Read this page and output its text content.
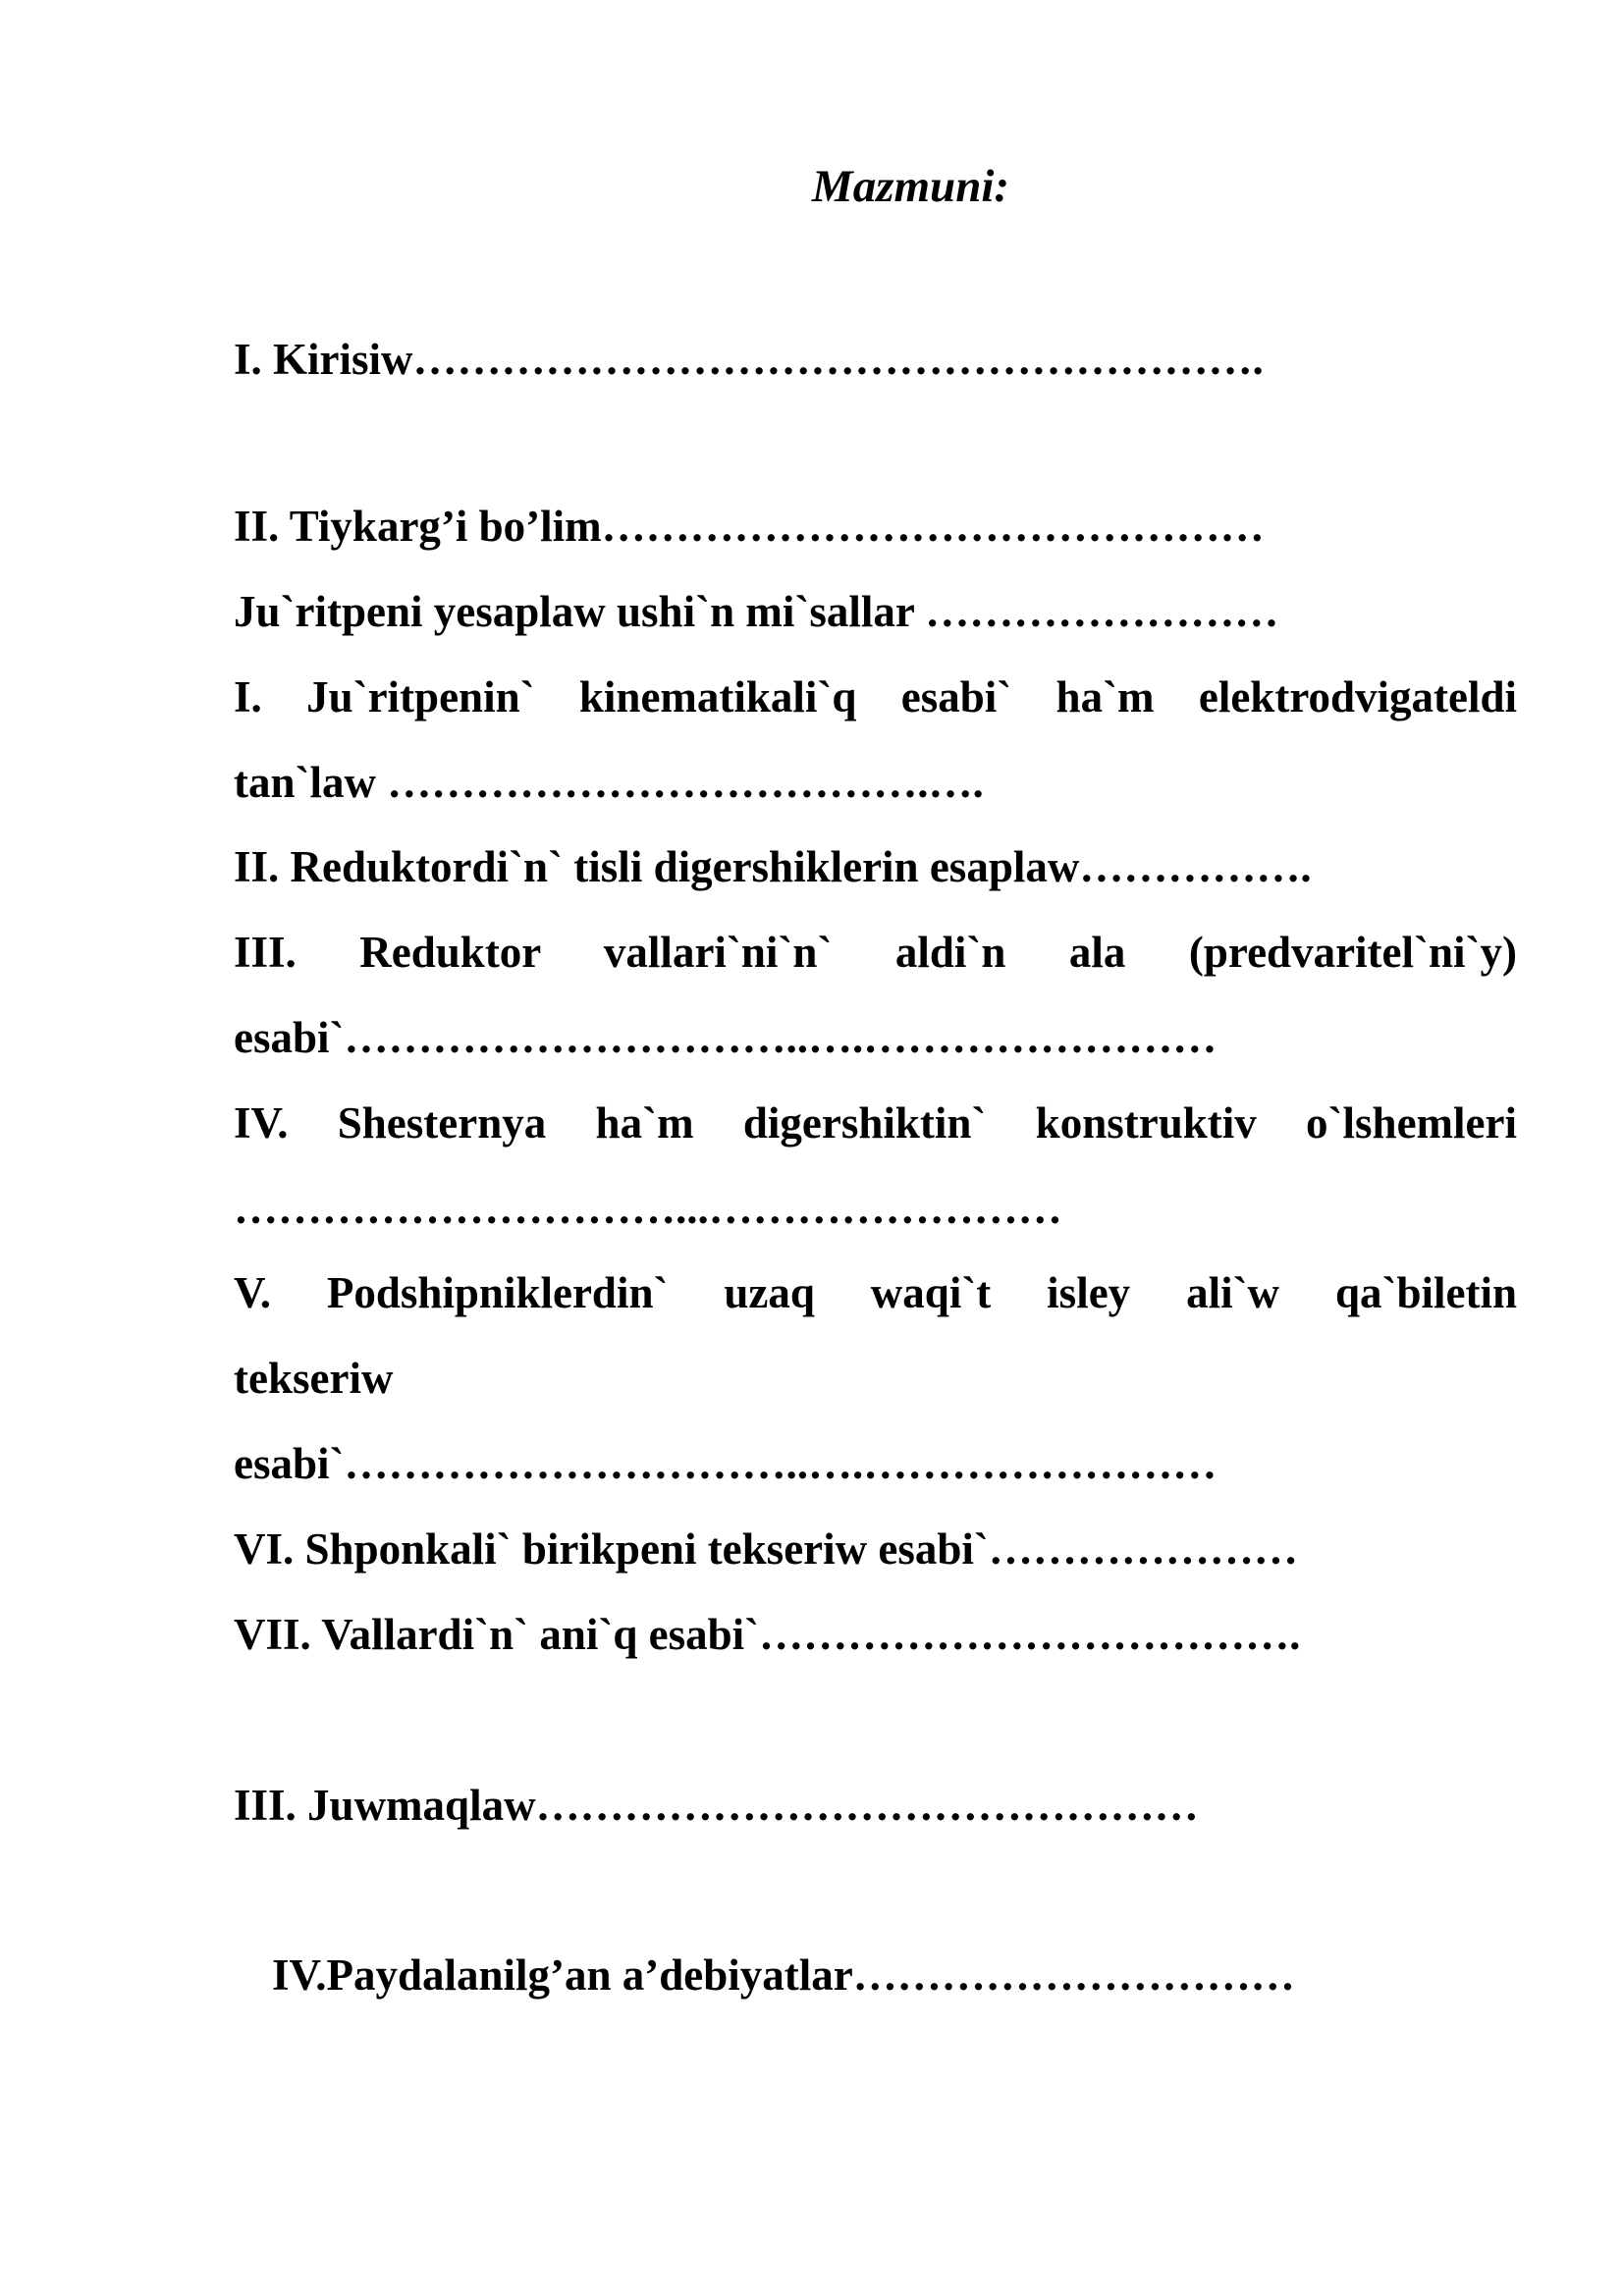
Mazmuni:
I. Kirisiw………………………………………………….
II. Tiykarg’i bo’lim………………………………………
Ju`ritpeni yesaplaw ushi`n mi`sallar ……………………
I. Ju`ritpenin` kinematikali`q esabi` ha`m elektrodvigateldi
tan`law ……………………………….….
II. Reduktordi`n` tisli digershiklerin esaplaw…………….
III. Reduktor vallari`ni`n` aldi`n ala (predvaritel`ni`y)
esabi`…………………………..….……………………
IV. Shesternya ha`m digershiktin` konstruktiv o`lshemleri
…………………………...……………………
V. Podshipniklerdin` uzaq waqi`t isley ali`w qa`biletin
tekseriw
esabi`…………………………..….……………………
VI. Shponkali` birikpeni tekseriw esabi`…………………
VII. Vallardi`n` ani`q esabi`……………………………….
III. Juwmaqlaw………………………………………
IV.Paydalanilg’an a’debiyatlar…………………………
